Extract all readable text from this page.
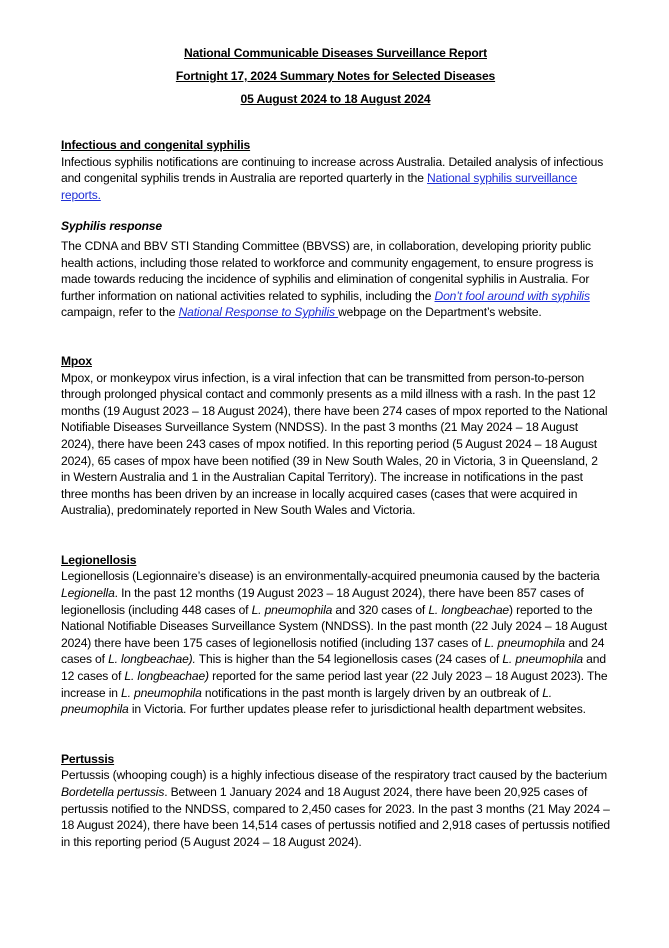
National Communicable Diseases Surveillance Report
Fortnight 17, 2024 Summary Notes for Selected Diseases
05 August 2024 to 18 August 2024

Infectious and congenital syphilis

Infectious syphilis notifications are continuing to increase across Australia. Detailed analysis of infectious and congenital syphilis trends in Australia are reported quarterly in the National syphilis surveillance reports.

Syphilis response

The CDNA and BBV STI Standing Committee (BBVSS) are, in collaboration, developing priority public health actions, including those related to workforce and community engagement, to ensure progress is made towards reducing the incidence of syphilis and elimination of congenital syphilis in Australia. For further information on national activities related to syphilis, including the Don’t fool around with syphilis campaign, refer to the National Response to Syphilis webpage on the Department’s website.

Mpox

Mpox, or monkeypox virus infection, is a viral infection that can be transmitted from person-to-person through prolonged physical contact and commonly presents as a mild illness with a rash. In the past 12 months (19 August 2023 – 18 August 2024), there have been 274 cases of mpox reported to the National Notifiable Diseases Surveillance System (NNDSS). In the past 3 months (21 May 2024 – 18 August 2024), there have been 243 cases of mpox notified. In this reporting period (5 August 2024 – 18 August 2024), 65 cases of mpox have been notified (39 in New South Wales, 20 in Victoria, 3 in Queensland, 2 in Western Australia and 1 in the Australian Capital Territory). The increase in notifications in the past three months has been driven by an increase in locally acquired cases (cases that were acquired in Australia), predominately reported in New South Wales and Victoria.

Legionellosis

Legionellosis (Legionnaire’s disease) is an environmentally-acquired pneumonia caused by the bacteria Legionella. In the past 12 months (19 August 2023 – 18 August 2024), there have been 857 cases of legionellosis (including 448 cases of L. pneumophila and 320 cases of L. longbeachae) reported to the National Notifiable Diseases Surveillance System (NNDSS). In the past month (22 July 2024 – 18 August 2024) there have been 175 cases of legionellosis notified (including 137 cases of L. pneumophila and 24 cases of L. longbeachae). This is higher than the 54 legionellosis cases (24 cases of L. pneumophila and 12 cases of L. longbeachae) reported for the same period last year (22 July 2023 – 18 August 2023). The increase in L. pneumophila notifications in the past month is largely driven by an outbreak of L. pneumophila in Victoria. For further updates please refer to jurisdictional health department websites.

Pertussis

Pertussis (whooping cough) is a highly infectious disease of the respiratory tract caused by the bacterium Bordetella pertussis. Between 1 January 2024 and 18 August 2024, there have been 20,925 cases of pertussis notified to the NNDSS, compared to 2,450 cases for 2023. In the past 3 months (21 May 2024 – 18 August 2024), there have been 14,514 cases of pertussis notified and 2,918 cases of pertussis notified in this reporting period (5 August 2024 – 18 August 2024).
